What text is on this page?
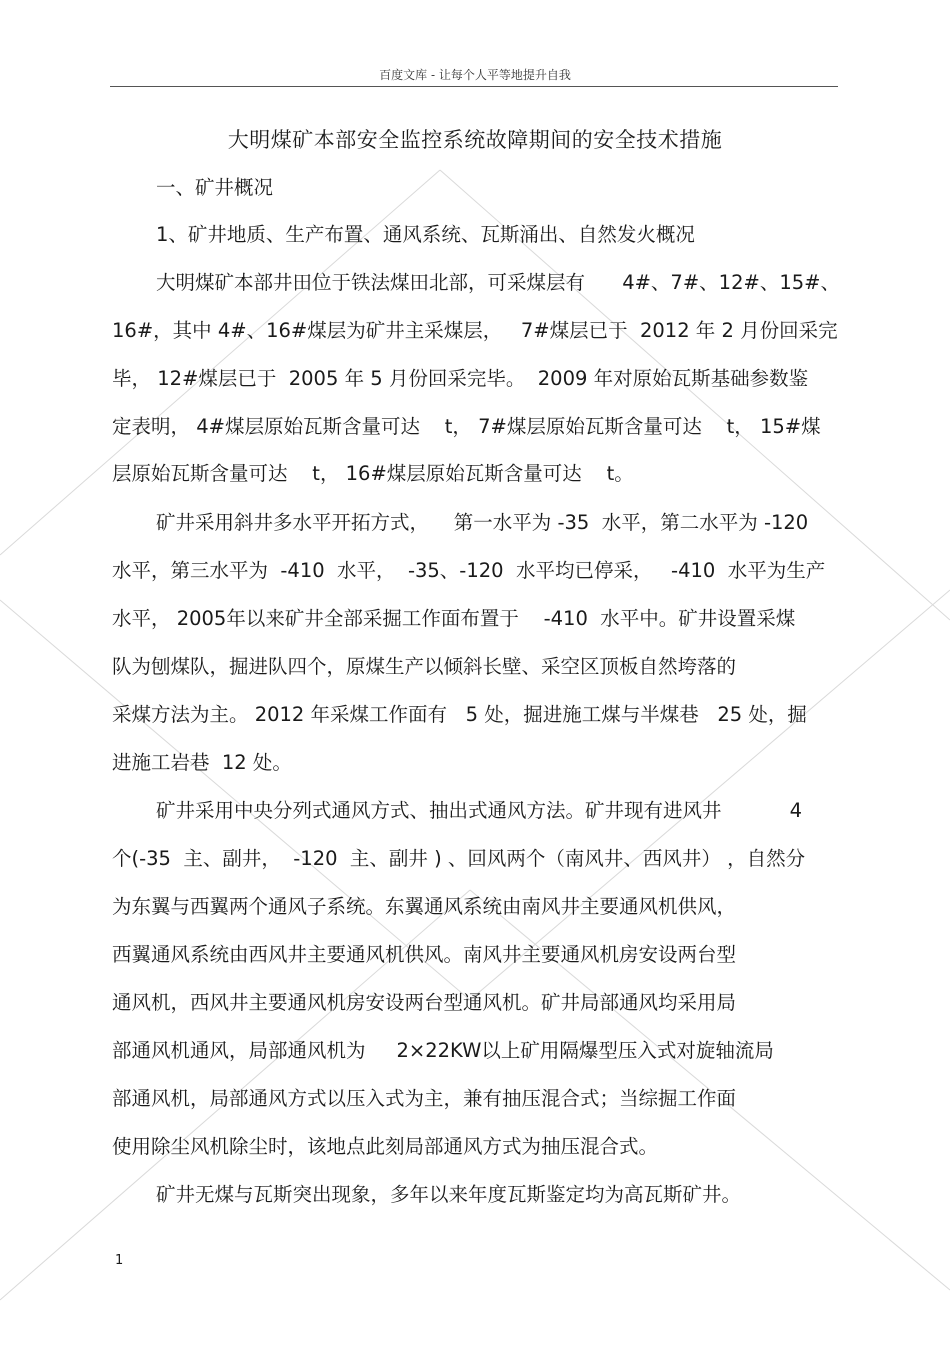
百度文库 - 让每个人平等地提升自我
大明煤矿本部安全监控系统故障期间的安全技术措施
一、矿井概况
1、矿井地质、生产布置、通风系统、瓦斯涌出、自然发火概况
大明煤矿本部井田位于铁法煤田北部，可采煤层有      4#、7#、12#、15#、
16#，其中 4#、16#煤层为矿井主采煤层，   7#煤层已于  2012 年 2 月份回采完
毕， 12#煤层已于  2005 年 5 月份回采完毕。  2009 年对原始瓦斯基础参数鉴
定表明， 4#煤层原始瓦斯含量可达    t， 7#煤层原始瓦斯含量可达    t， 15#煤
层原始瓦斯含量可达    t， 16#煤层原始瓦斯含量可达    t。
矿井采用斜井多水平开拓方式，    第一水平为 -35  水平，第二水平为 -120
水平，第三水平为  -410  水平，  -35、-120  水平均已停采，   -410  水平为生产
水平， 2005年以来矿井全部采掘工作面布置于    -410  水平中。矿井设置采煤
队为刨煤队，掘进队四个，原煤生产以倾斜长壁、采空区顶板自然垮落的
采煤方法为主。 2012 年采煤工作面有   5 处，掘进施工煤与半煤巷   25 处，掘
进施工岩巷  12 处。
矿井采用中央分列式通风方式、抽出式通风方法。矿井现有进风井           4
个(-35  主、副井，  -120  主、副井 ) 、回风两个（南风井、西风井） ，自然分
为东翼与西翼两个通风子系统。东翼通风系统由南风井主要通风机供风，
西翼通风系统由西风井主要通风机供风。南风井主要通风机房安设两台型
通风机，西风井主要通风机房安设两台型通风机。矿井局部通风均采用局
部通风机通风，局部通风机为     2×22KW以上矿用隔爆型压入式对旋轴流局
部通风机，局部通风方式以压入式为主，兼有抽压混合式；当综掘工作面
使用除尘风机除尘时，该地点此刻局部通风方式为抽压混合式。
矿井无煤与瓦斯突出现象，多年以来年度瓦斯鉴定均为高瓦斯矿井。
1
